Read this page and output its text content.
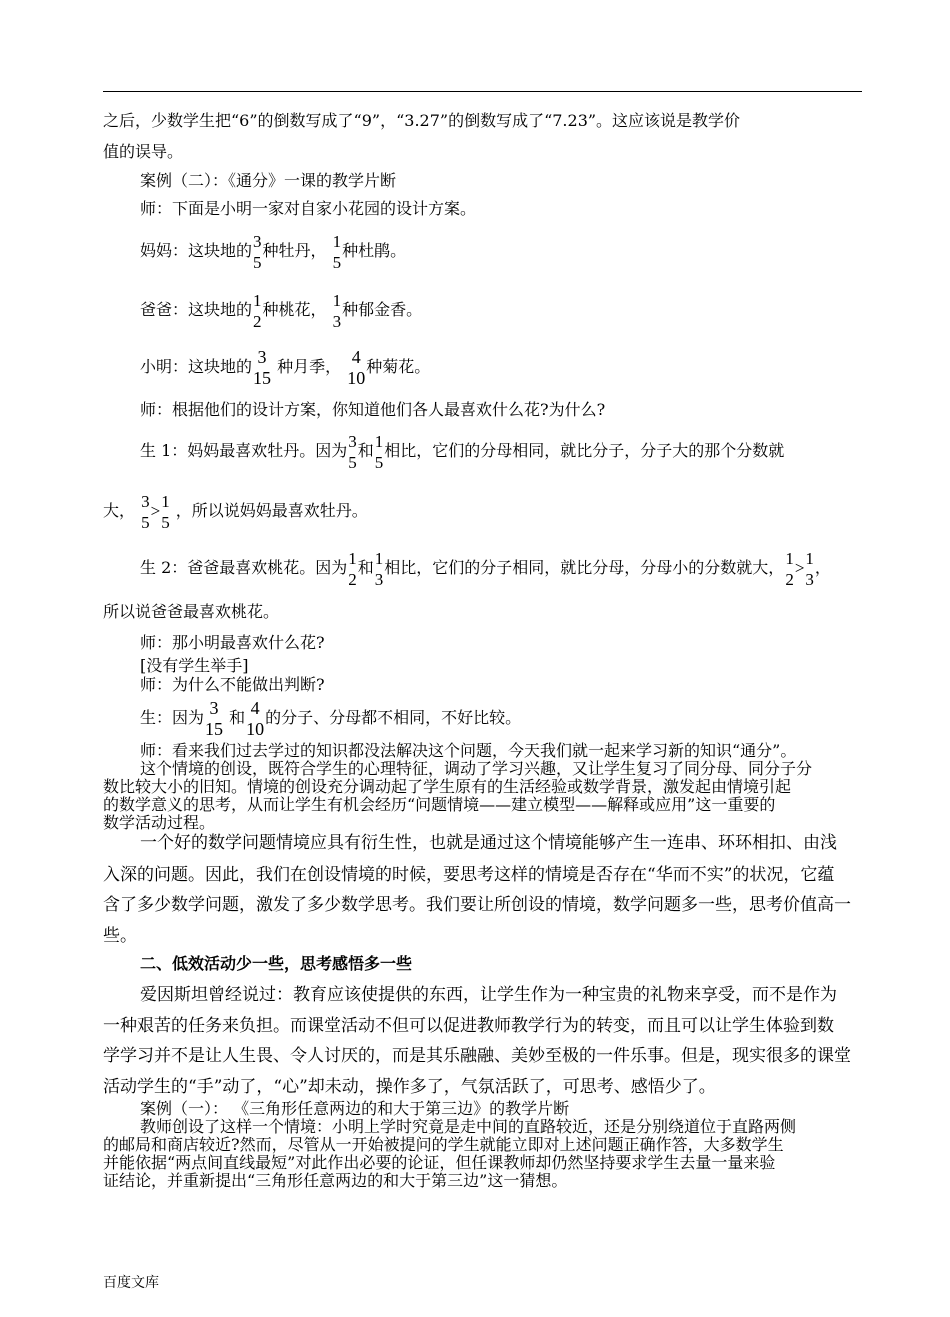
之后，少数学生把“6”的倒数写成了“9”，“3.27”的倒数写成了“7.23”。这应该说是教学价
值的误导。
案例（二）：《通分》一课的教学片断
师：下面是小明一家对自家小花园的设计方案。
妈妈：这块地的 3
5
种牡丹， 1
5
种杜鹃。
爸爸：这块地的 1
2
种桃花， 1
3
种郁金香。
小明：这块地的 3
15
种月季， 4
10
种菊花。
师：根据他们的设计方案，你知道他们各人最喜欢什么花?为什么?
生 1：妈妈最喜欢牡丹。因为 3
5
和 1
5
相比，它们的分母相同，就比分子，分子大的那个分数就
大， 3
5
>
1
5
，所以说妈妈最喜欢牡丹。
生 2：爸爸最喜欢桃花。因为 1
2
和 1
3
相比，它们的分子相同，就比分母，分母小的分数就大， 1
2
>
1
3
，
所以说爸爸最喜欢桃花。
师：那小明最喜欢什么花?
[没有学生举手]
师：为什么不能做出判断?
生：因为 3
15
和 4
10
的分子、分母都不相同，不好比较。
师：看来我们过去学过的知识都没法解决这个问题，今天我们就一起来学习新的知识“通分”。
这个情境的创设，既符合学生的心理特征，调动了学习兴趣，又让学生复习了同分母、同分子分
数比较大小的旧知。情境的创设充分调动起了学生原有的生活经验或数学背景，激发起由情境引起
的数学意义的思考，从而让学生有机会经历“问题情境——建立模型——解释或应用”这一重要的
数学活动过程。
一个好的数学问题情境应具有衍生性，也就是通过这个情境能够产生一连串、环环相扣、由浅
入深的问题。因此，我们在创设情境的时候，要思考这样的情境是否存在“华而不实”的状况，它蕴
含了多少数学问题，激发了多少数学思考。我们要让所创设的情境，数学问题多一些，思考价值高一
些。
二、低效活动少一些，思考感悟多一些
爱因斯坦曾经说过：教育应该使提供的东西，让学生作为一种宝贵的礼物来享受，而不是作为
一种艰苦的任务来负担。而课堂活动不但可以促进教师教学行为的转变，而且可以让学生体验到数
学学习并不是让人生畏、令人讨厌的，而是其乐融融、美妙至极的一件乐事。但是，现实很多的课堂
活动学生的“手”动了，“心”却未动，操作多了，气氛活跃了，可思考、感悟少了。
案例（一）： 《三角形任意两边的和大于第三边》的教学片断
教师创设了这样一个情境：小明上学时究竟是走中间的直路较近，还是分别绕道位于直路两侧
的邮局和商店较近?然而，尽管从一开始被提问的学生就能立即对上述问题正确作答，大多数学生
并能依据“两点间直线最短”对此作出必要的论证，但任课教师却仍然坚持要求学生去量一量来验
证结论，并重新提出“三角形任意两边的和大于第三边”这一猜想。
百度文库
